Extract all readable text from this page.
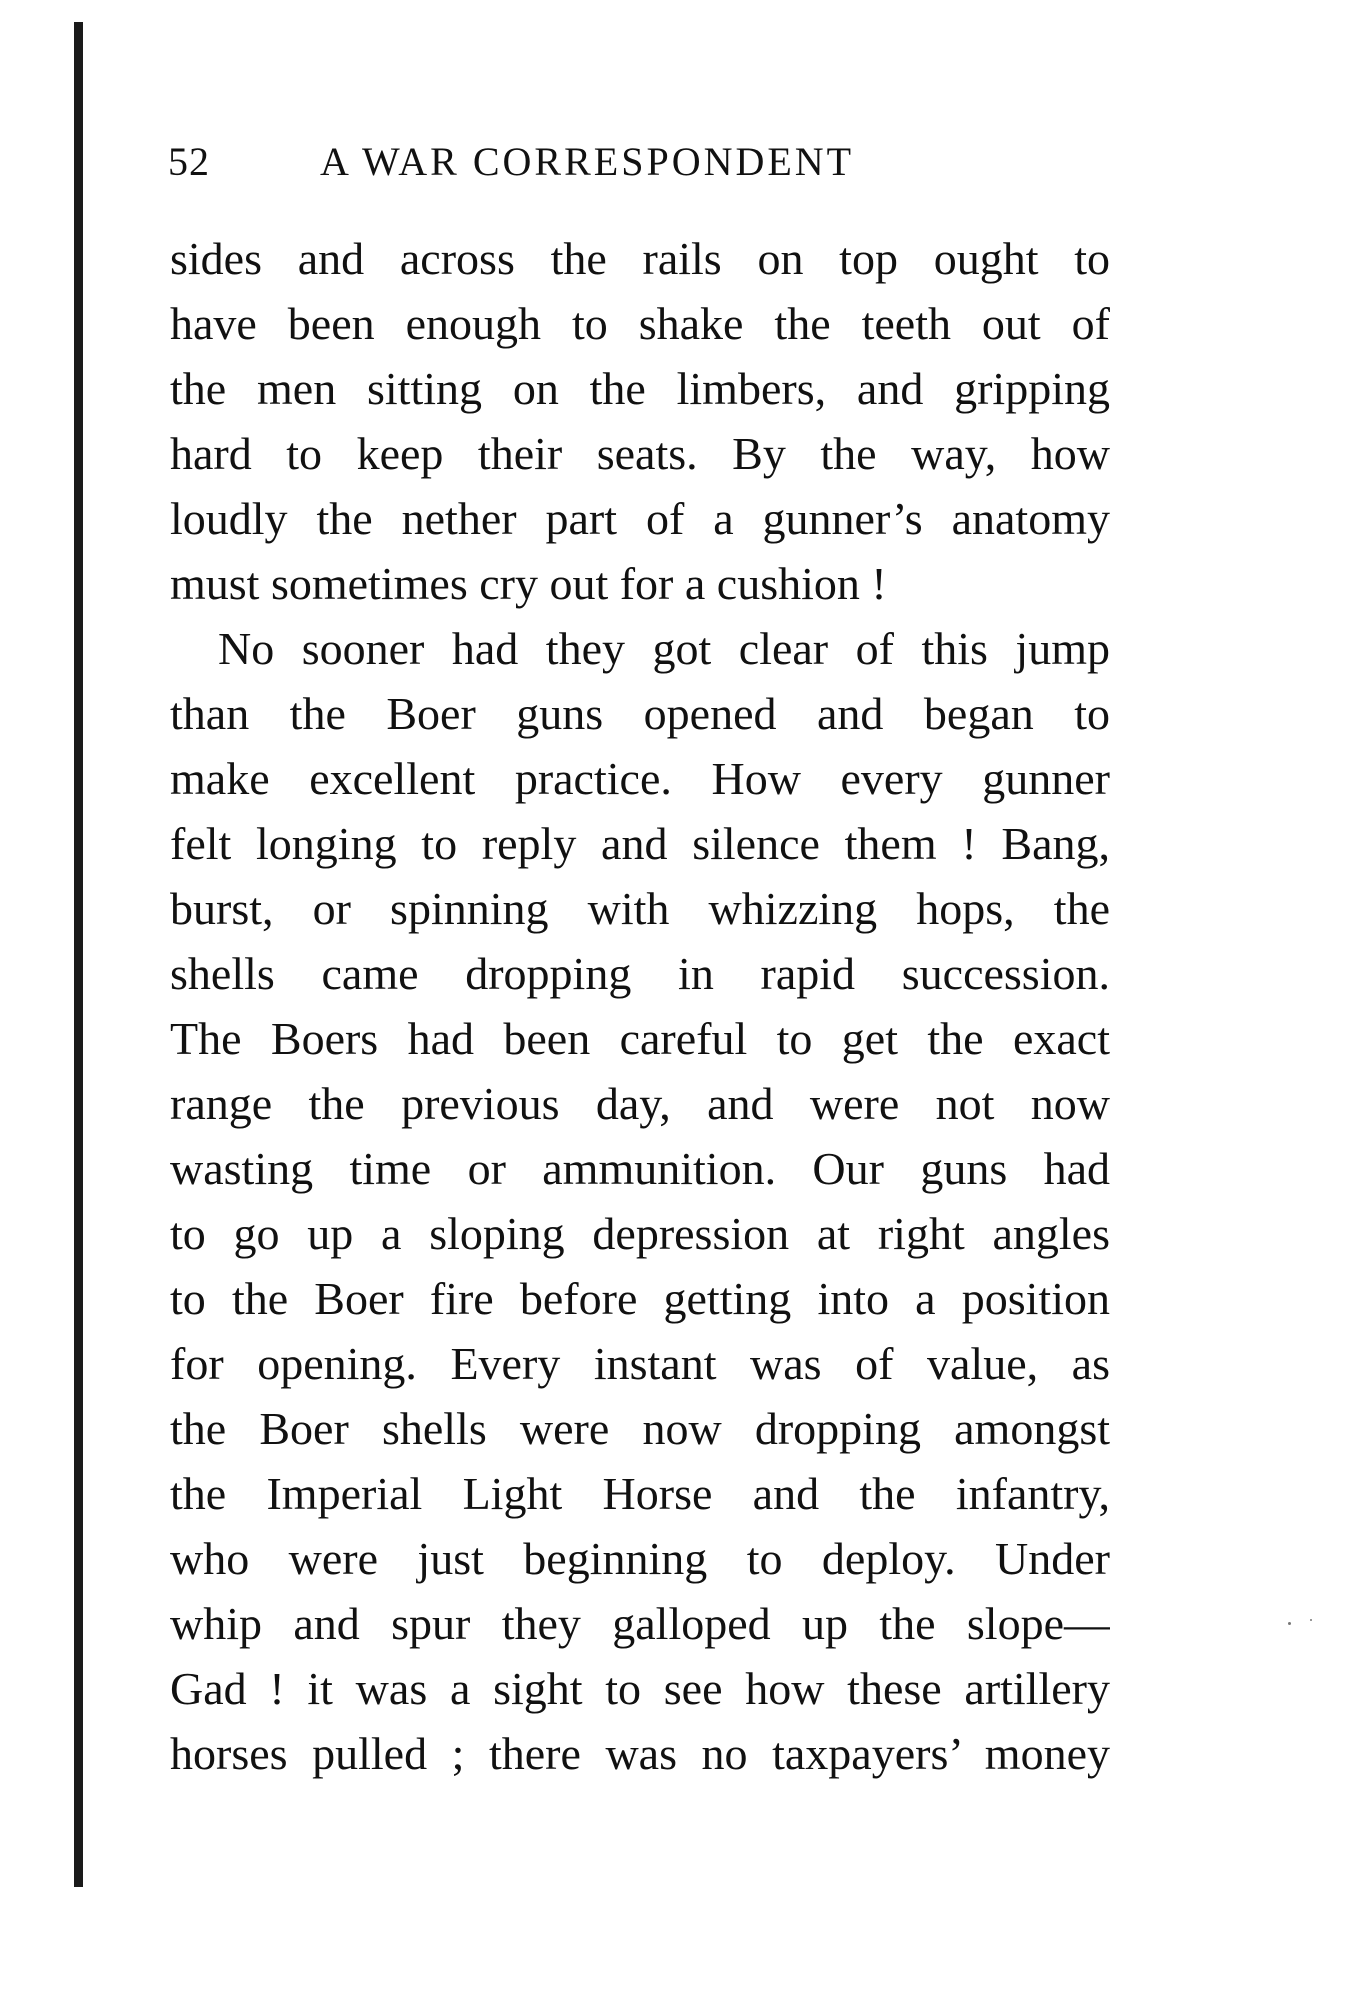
52	A WAR CORRESPONDENT
sides and across the rails on top ought to
have been enough to shake the teeth out of
the men sitting on the limbers, and gripping
hard to keep their seats. By the way, how
loudly the nether part of a gunner’s anatomy
must sometimes cry out for a cushion !
No sooner had they got clear of this jump
than the Boer guns opened and began to
make excellent practice. How every gunner
felt longing to reply and silence them ! Bang,
burst, or spinning with whizzing hops, the
shells came dropping in rapid succession.
The Boers had been careful to get the exact
range the previous day, and were not now
wasting time or ammunition. Our guns had
to go up a sloping depression at right angles
to the Boer fire before getting into a position
for opening. Every instant was of value, as
the Boer shells were now dropping amongst
the Imperial Light Horse and the infantry,
who were just beginning to deploy. Under
whip and spur they galloped up the slope—
Gad ! it was a sight to see how these artillery
horses pulled ; there was no taxpayers’ money
